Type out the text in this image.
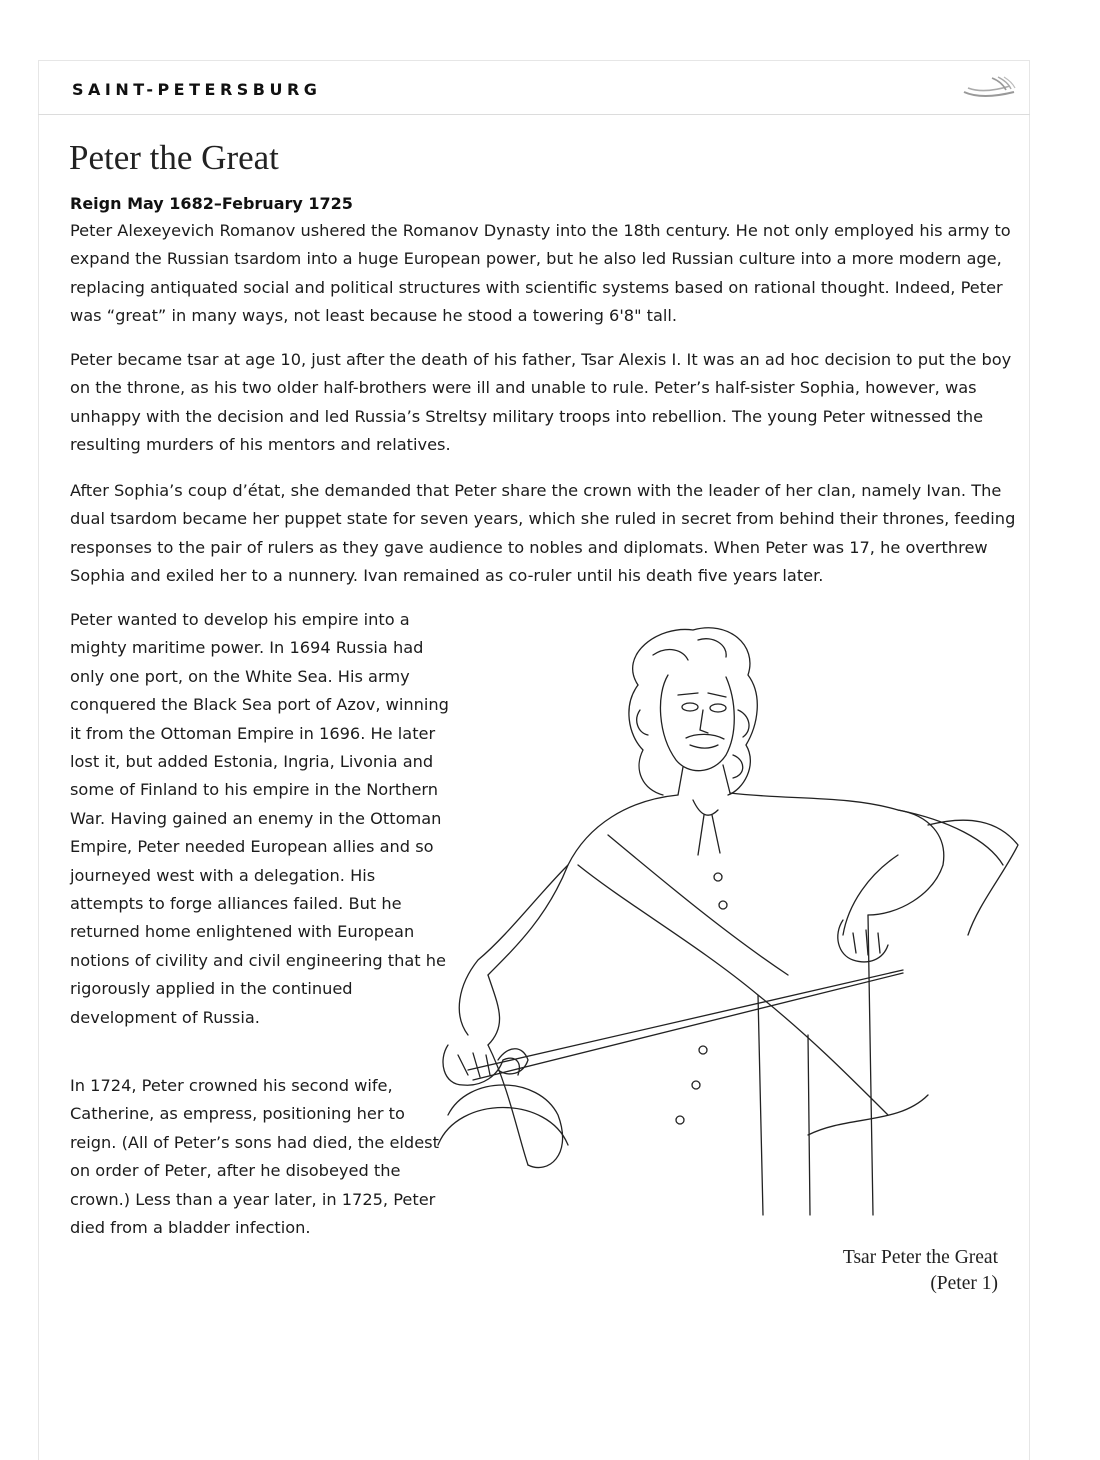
SAINT-PETERSBURG
Peter the Great
Reign May 1682–February 1725

Peter Alexeyevich Romanov ushered the Romanov Dynasty into the 18th century. He not only employed his army to expand the Russian tsardom into a huge European power, but he also led Russian culture into a more modern age, replacing antiquated social and political structures with scientific systems based on rational thought. Indeed, Peter was “great” in many ways, not least because he stood a towering 6'8" tall.

Peter became tsar at age 10, just after the death of his father, Tsar Alexis I. It was an ad hoc decision to put the boy on the throne, as his two older half-brothers were ill and unable to rule. Peter’s half-sister Sophia, however, was unhappy with the decision and led Russia’s Streltsy military troops into rebellion. The young Peter witnessed the resulting murders of his mentors and relatives.

After Sophia’s coup d’état, she demanded that Peter share the crown with the leader of her clan, namely Ivan. The dual tsardom became her puppet state for seven years, which she ruled in secret from behind their thrones, feeding responses to the pair of rulers as they gave audience to nobles and diplomats. When Peter was 17, he overthrew Sophia and exiled her to a nunnery. Ivan remained as co-ruler until his death five years later.

Peter wanted to develop his empire into a mighty maritime power. In 1694 Russia had only one port, on the White Sea. His army conquered the Black Sea port of Azov, winning it from the Ottoman Empire in 1696. He later lost it, but added Estonia, Ingria, Livonia and some of Finland to his empire in the Northern War. Having gained an enemy in the Ottoman Empire, Peter needed European allies and so journeyed west with a delegation. His attempts to forge alliances failed. But he returned home enlightened with European notions of civility and civil engineering that he rigorously applied in the continued development of Russia.

In 1724, Peter crowned his second wife, Catherine, as empress, positioning her to reign. (All of Peter’s sons had died, the eldest on order of Peter, after he disobeyed the crown.) Less than a year later, in 1725, Peter died from a bladder infection.

Tsar Peter the Great
(Peter 1)
